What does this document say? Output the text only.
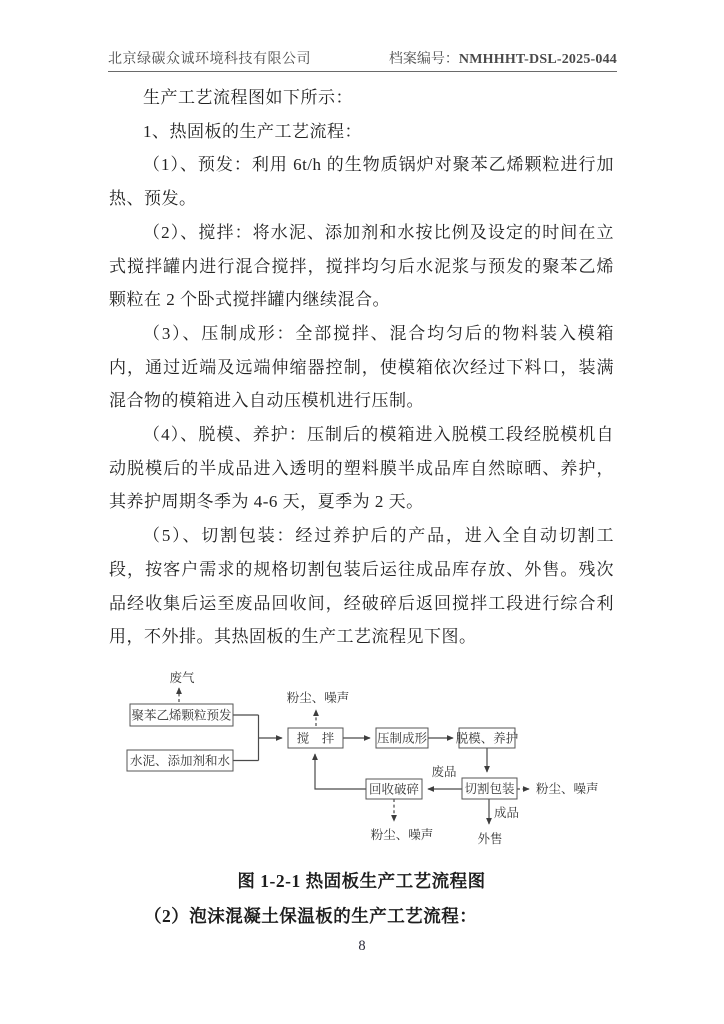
北京绿碳众诚环境科技有限公司	档案编号：NMHHHT-DSL-2025-044

生产工艺流程图如下所示：

1、热固板的生产工艺流程：

（1）、预发：利用 6t/h 的生物质锅炉对聚苯乙烯颗粒进行加热、预发。

（2）、搅拌：将水泥、添加剂和水按比例及设定的时间在立式搅拌罐内进行混合搅拌，搅拌均匀后水泥浆与预发的聚苯乙烯颗粒在 2 个卧式搅拌罐内继续混合。

（3）、压制成形：全部搅拌、混合均匀后的物料装入模箱内，通过近端及远端伸缩器控制，使模箱依次经过下料口，装满混合物的模箱进入自动压模机进行压制。

（4）、脱模、养护：压制后的模箱进入脱模工段经脱模机自动脱模后的半成品进入透明的塑料膜半成品库自然晾晒、养护，其养护周期冬季为 4-6 天，夏季为 2 天。

（5）、切割包装：经过养护后的产品，进入全自动切割工段，按客户需求的规格切割包装后运往成品库存放、外售。残次品经收集后运至废品回收间，经破碎后返回搅拌工段进行综合利用，不外排。其热固板的生产工艺流程见下图。

聚苯乙烯颗粒预发
水泥、添加剂和水
搅　拌	压制成形 脱模、养护
切割包装
回收破碎
废气
粉尘、噪声
粉尘、噪声
粉尘、噪声
废品
成品
外售
图 1-2-1 热固板生产工艺流程图

（2）泡沫混凝土保温板的生产工艺流程：

8
